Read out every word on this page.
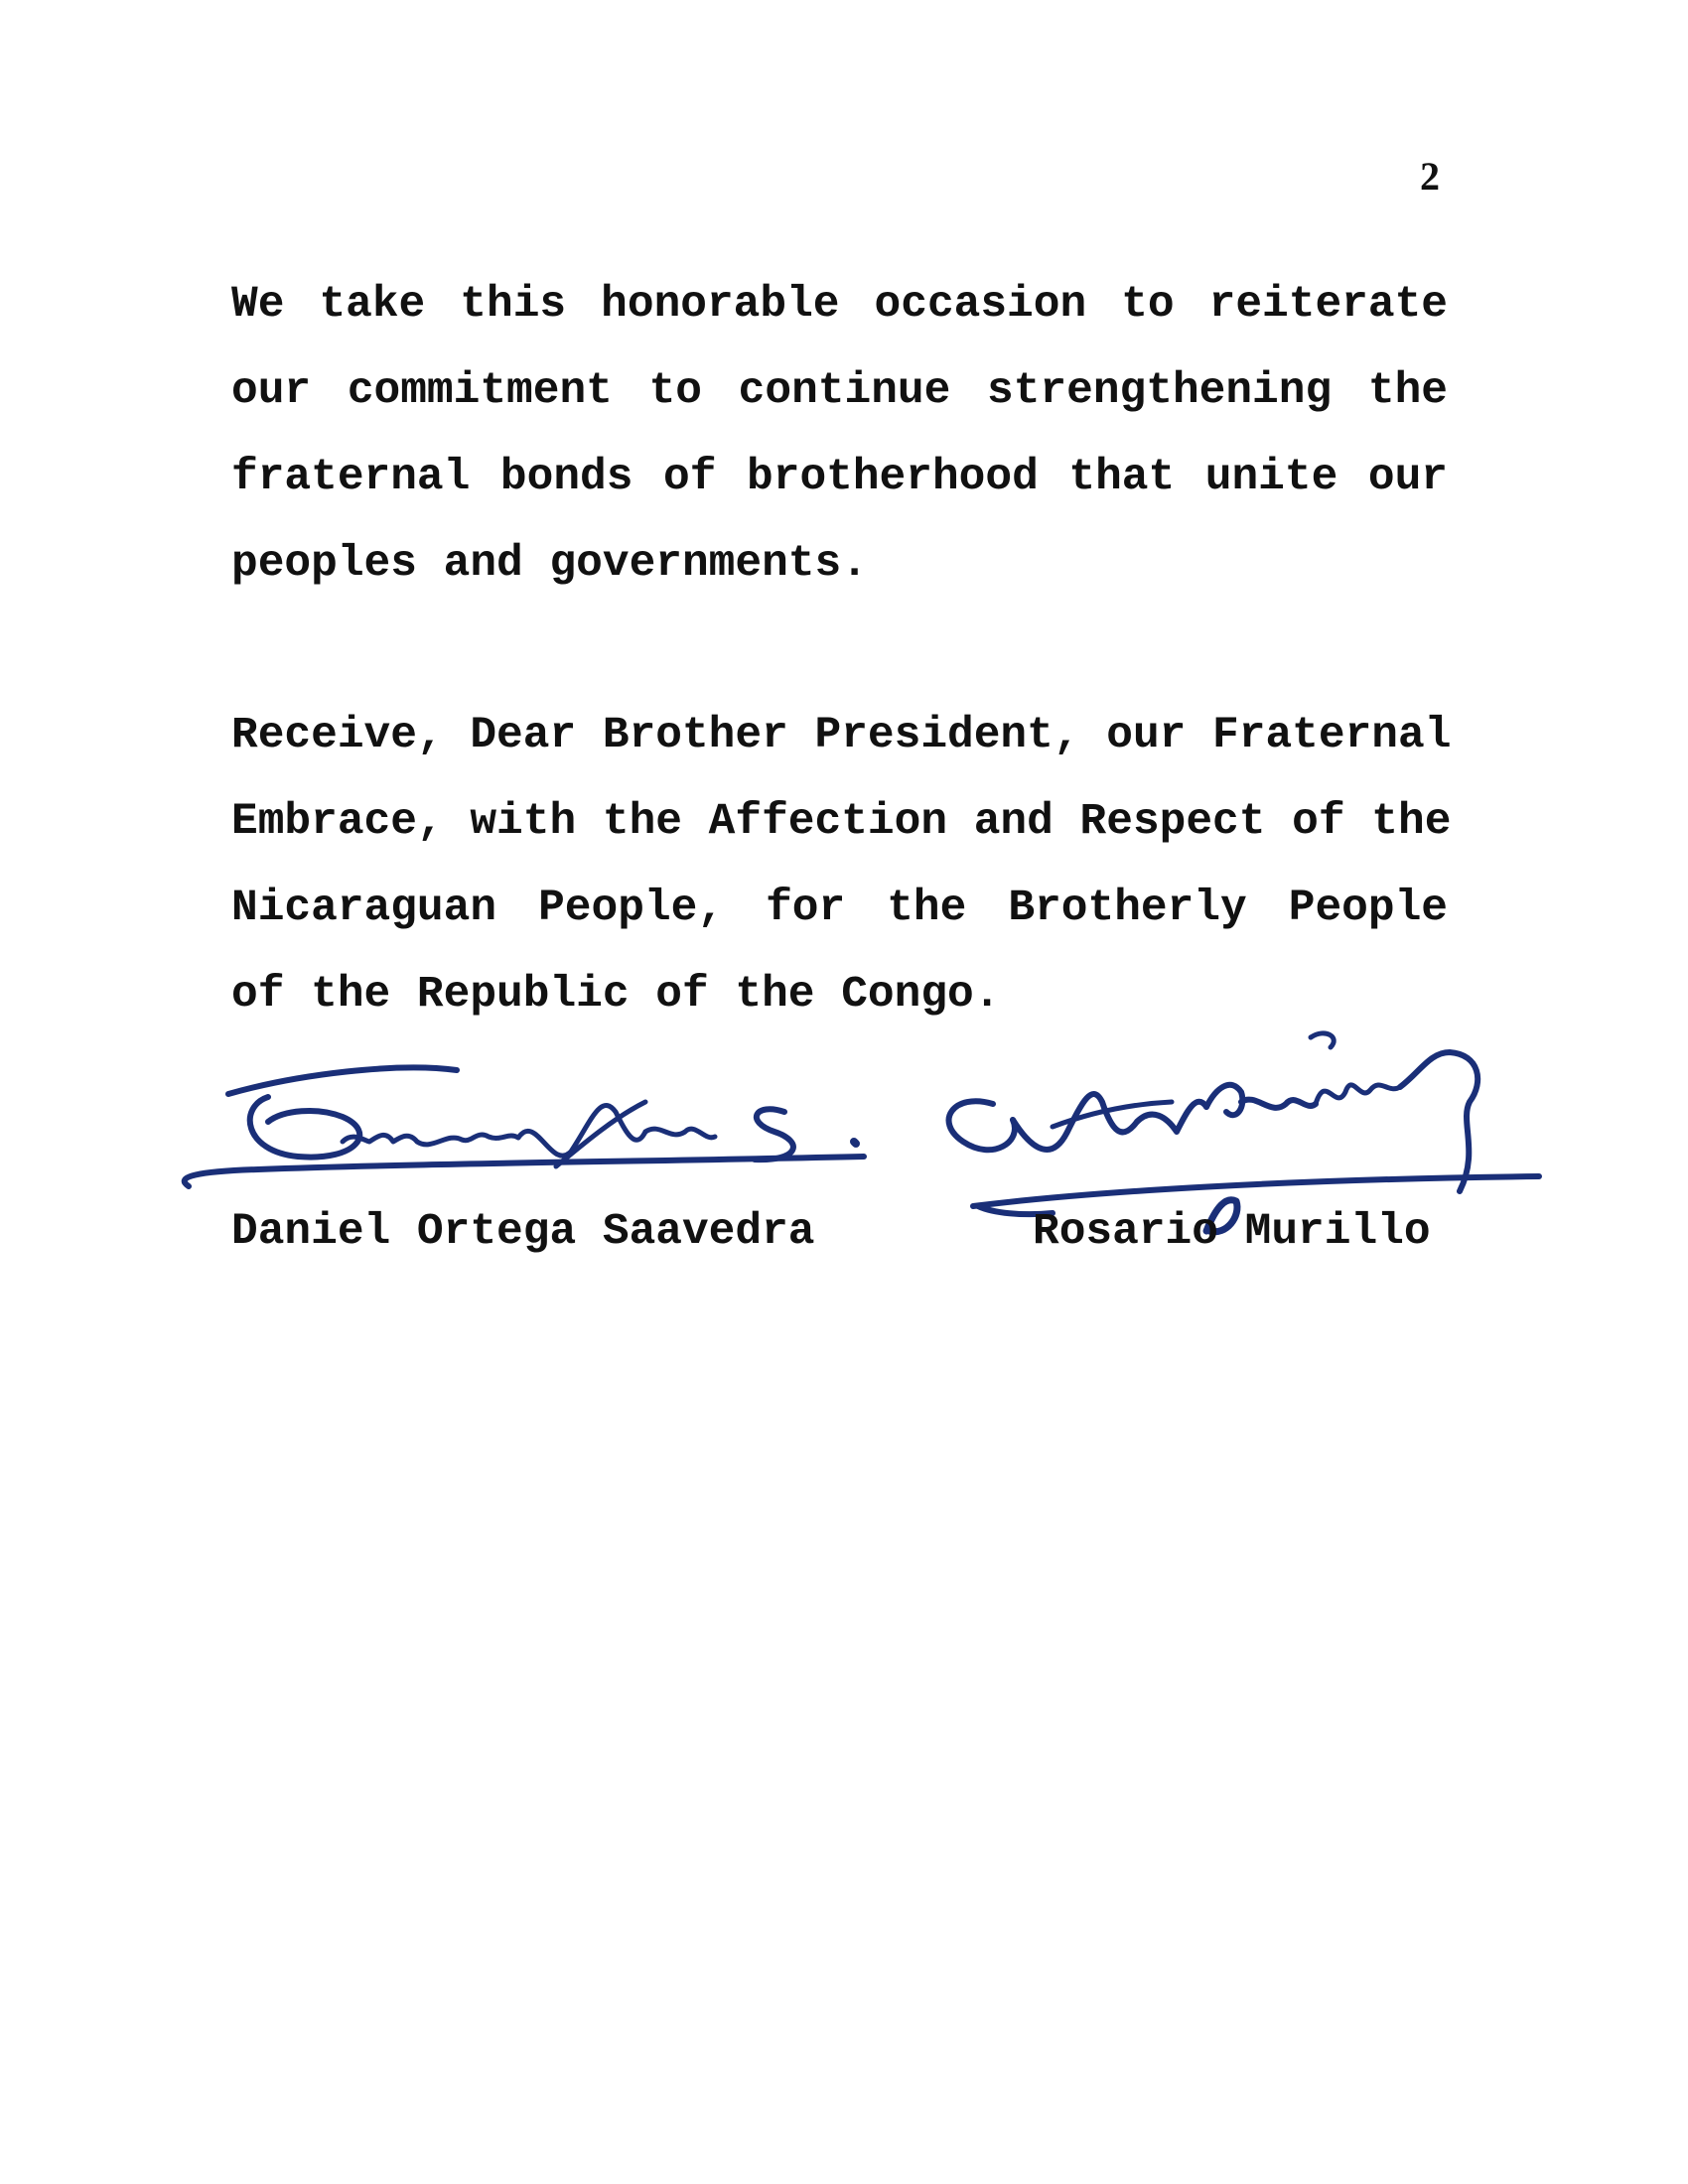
2

We take this honorable occasion to reiterate
our commitment to continue strengthening the
fraternal bonds of brotherhood that unite our
peoples and governments.

Receive, Dear Brother President, our Fraternal
Embrace, with the Affection and Respect of the
Nicaraguan People, for the Brotherly People
of the Republic of the Congo.

Daniel Ortega Saavedra	Rosario Murillo
